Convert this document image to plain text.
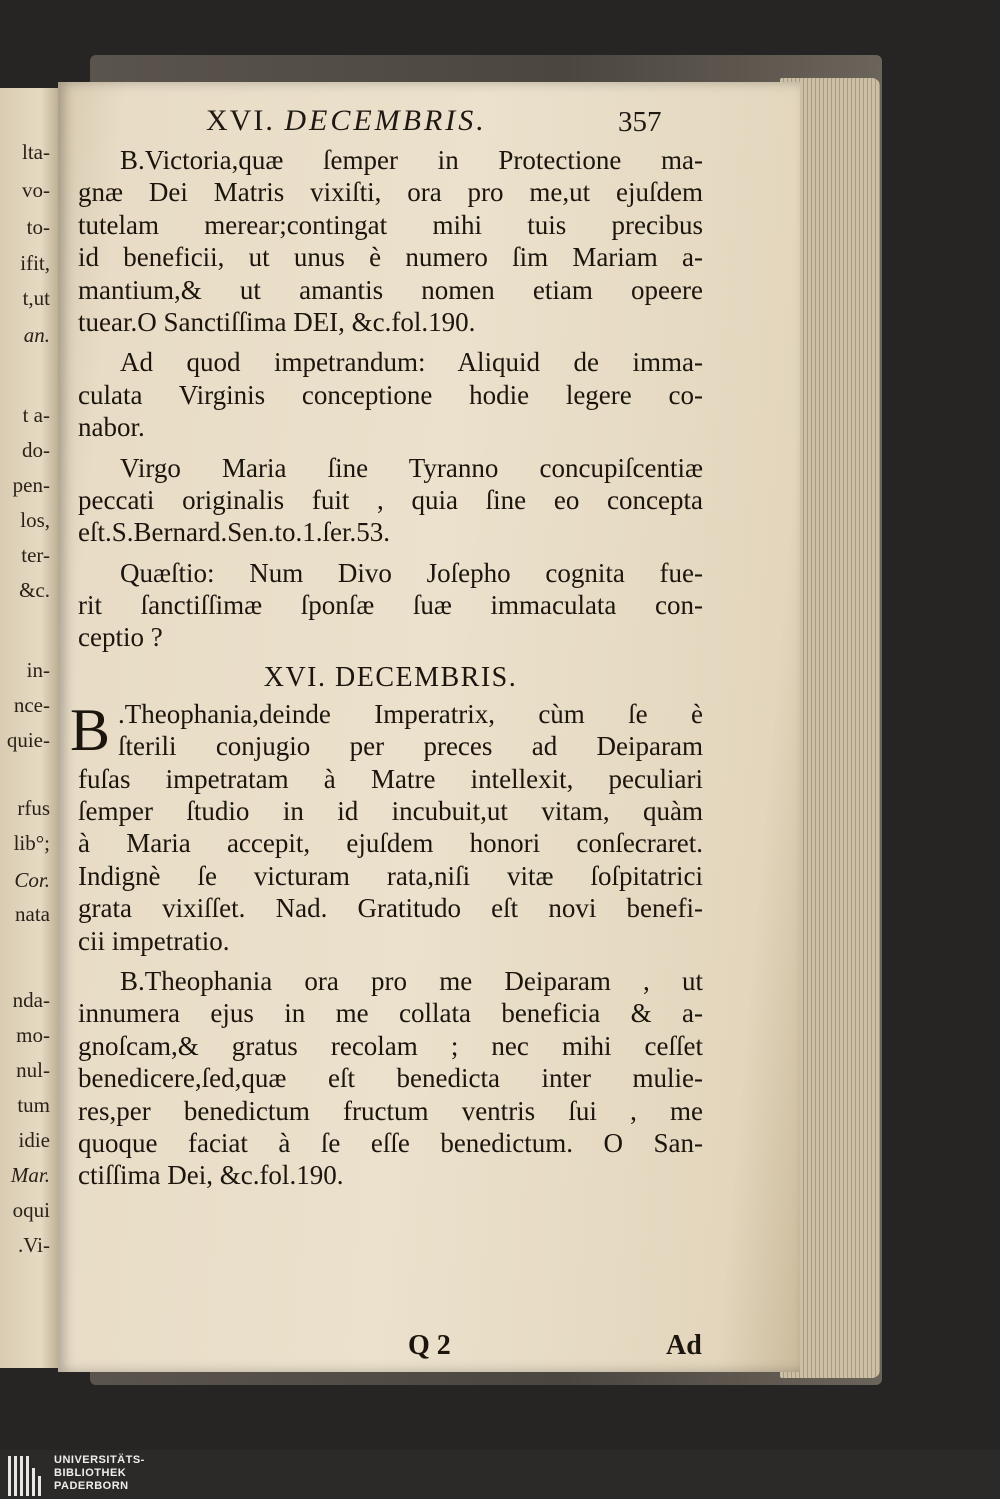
lta-
vo-
to-
ifit,
t,ut
an.
t a-
do-
pen-
los,
ter-
&c.
in-
nce-
quie-
rfus
lib°;
Cor.
nata
nda-
mo-
nul-
tum
idie
Mar.
oqui
.Vi-
XVI. DECEMBRIS.	357
B.Victoria,quæ ſemper in Protectione ma-
gnæ Dei Matris vixiſti, ora pro me,ut ejuſdem
tutelam merear;contingat mihi tuis precibus
id beneficii, ut unus è numero ſim Mariam a-
mantium,& ut amantis nomen etiam opeere
tuear.O Sanctiſſima DEI, &c.fol.190.
Ad quod impetrandum: Aliquid de imma-
culata Virginis conceptione hodie legere co-
nabor.
Virgo Maria ſine Tyranno concupiſcentiæ
peccati originalis fuit , quia ſine eo concepta
eſt.S.Bernard.Sen.to.1.ſer.53.
Quæſtio: Num Divo Joſepho cognita fue-
rit ſanctiſſimæ ſponſæ ſuæ immaculata con-
ceptio ?
XVI. DECEMBRIS.
B .Theophania,deinde Imperatrix, cùm ſe è
ſterili conjugio per preces ad Deiparam
fuſas impetratam à Matre intellexit, peculiari
ſemper ſtudio in id incubuit,ut vitam, quàm
à Maria accepit, ejuſdem honori conſecraret.
Indignè ſe victuram rata,niſi vitæ ſoſpitatrici
grata vixiſſet. Nad. Gratitudo eſt novi benefi-
cii impetratio.
B.Theophania ora pro me Deiparam , ut
innumera ejus in me collata beneficia & a-
gnoſcam,& gratus recolam ; nec mihi ceſſet
benedicere,ſed,quæ eſt benedicta inter mulie-
res,per benedictum fructum ventris ſui , me
quoque faciat à ſe eſſe benedictum. O San-
ctiſſima Dei, &c.fol.190.
Q 2	Ad
UNIVERSITÄTS-
BIBLIOTHEK
PADERBORN
